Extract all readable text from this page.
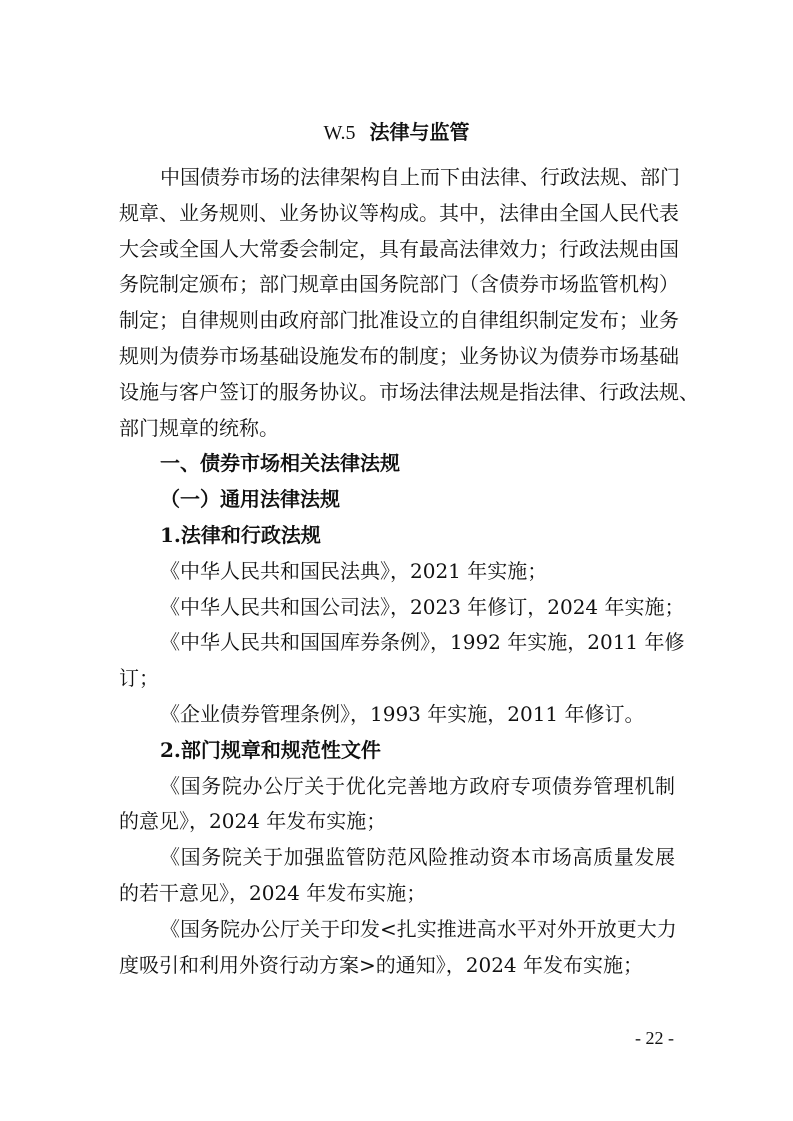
W.5 法律与监管
中国债券市场的法律架构自上而下由法律、行政法规、部门
规章、业务规则、业务协议等构成。其中，法律由全国人民代表
大会或全国人大常委会制定，具有最高法律效力；行政法规由国
务院制定颁布；部门规章由国务院部门（含债券市场监管机构）
制定；自律规则由政府部门批准设立的自律组织制定发布；业务
规则为债券市场基础设施发布的制度；业务协议为债券市场基础
设施与客户签订的服务协议。市场法律法规是指法律、行政法规、
部门规章的统称。
一、债券市场相关法律法规
（一）通用法律法规
1.法律和行政法规
《中华人民共和国民法典》，2021 年实施；
《中华人民共和国公司法》，2023 年修订，2024 年实施；
《中华人民共和国国库券条例》，1992 年实施，2011 年修
订；
《企业债券管理条例》，1993 年实施，2011 年修订。
2.部门规章和规范性文件
《国务院办公厅关于优化完善地方政府专项债券管理机制
的意见》，2024 年发布实施；
《国务院关于加强监管防范风险推动资本市场高质量发展
的若干意见》，2024 年发布实施；
《国务院办公厅关于印发<扎实推进高水平对外开放更大力
度吸引和利用外资行动方案>的通知》，2024 年发布实施；
- 22 -
